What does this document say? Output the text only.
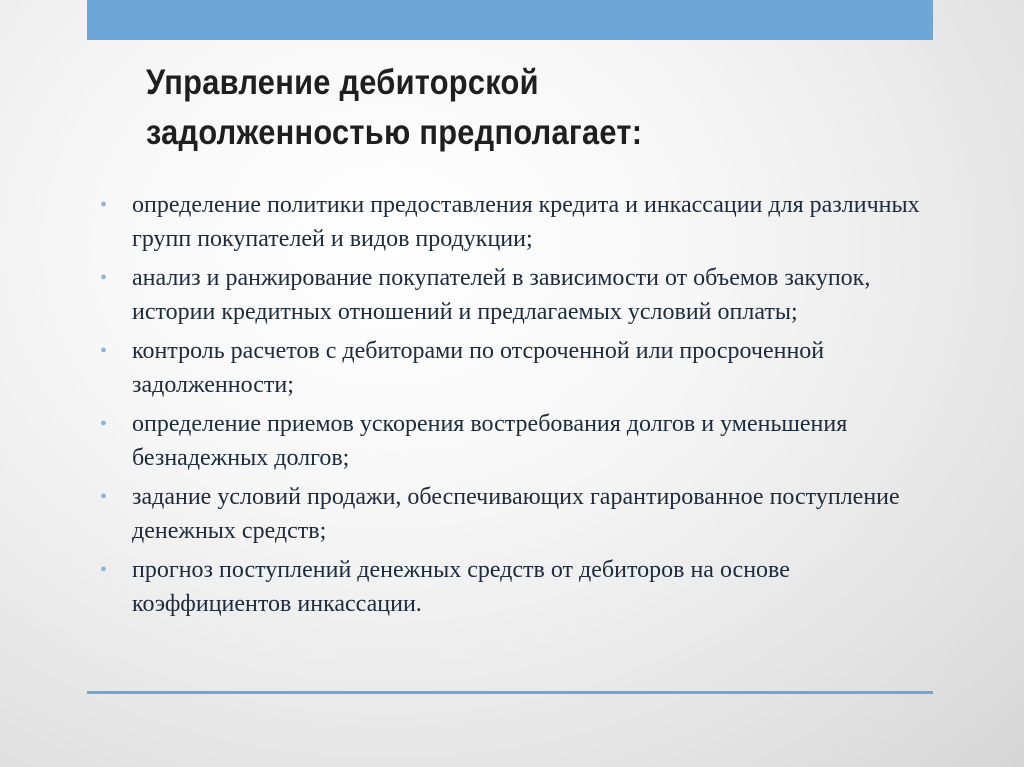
Управление дебиторской
задолженностью предполагает:
• определение политики предоставления кредита и инкассации для различных групп покупателей и видов продукции;
• анализ и ранжирование покупателей в зависимости от объемов закупок, истории кредитных отношений и предлагаемых условий оплаты;
• контроль расчетов с дебиторами по отсроченной или просроченной задолженности;
• определение приемов ускорения востребования долгов и уменьшения безнадежных долгов;
• задание условий продажи, обеспечивающих гарантированное поступление денежных средств;
• прогноз поступлений денежных средств от дебиторов на основе коэффициентов инкассации.
